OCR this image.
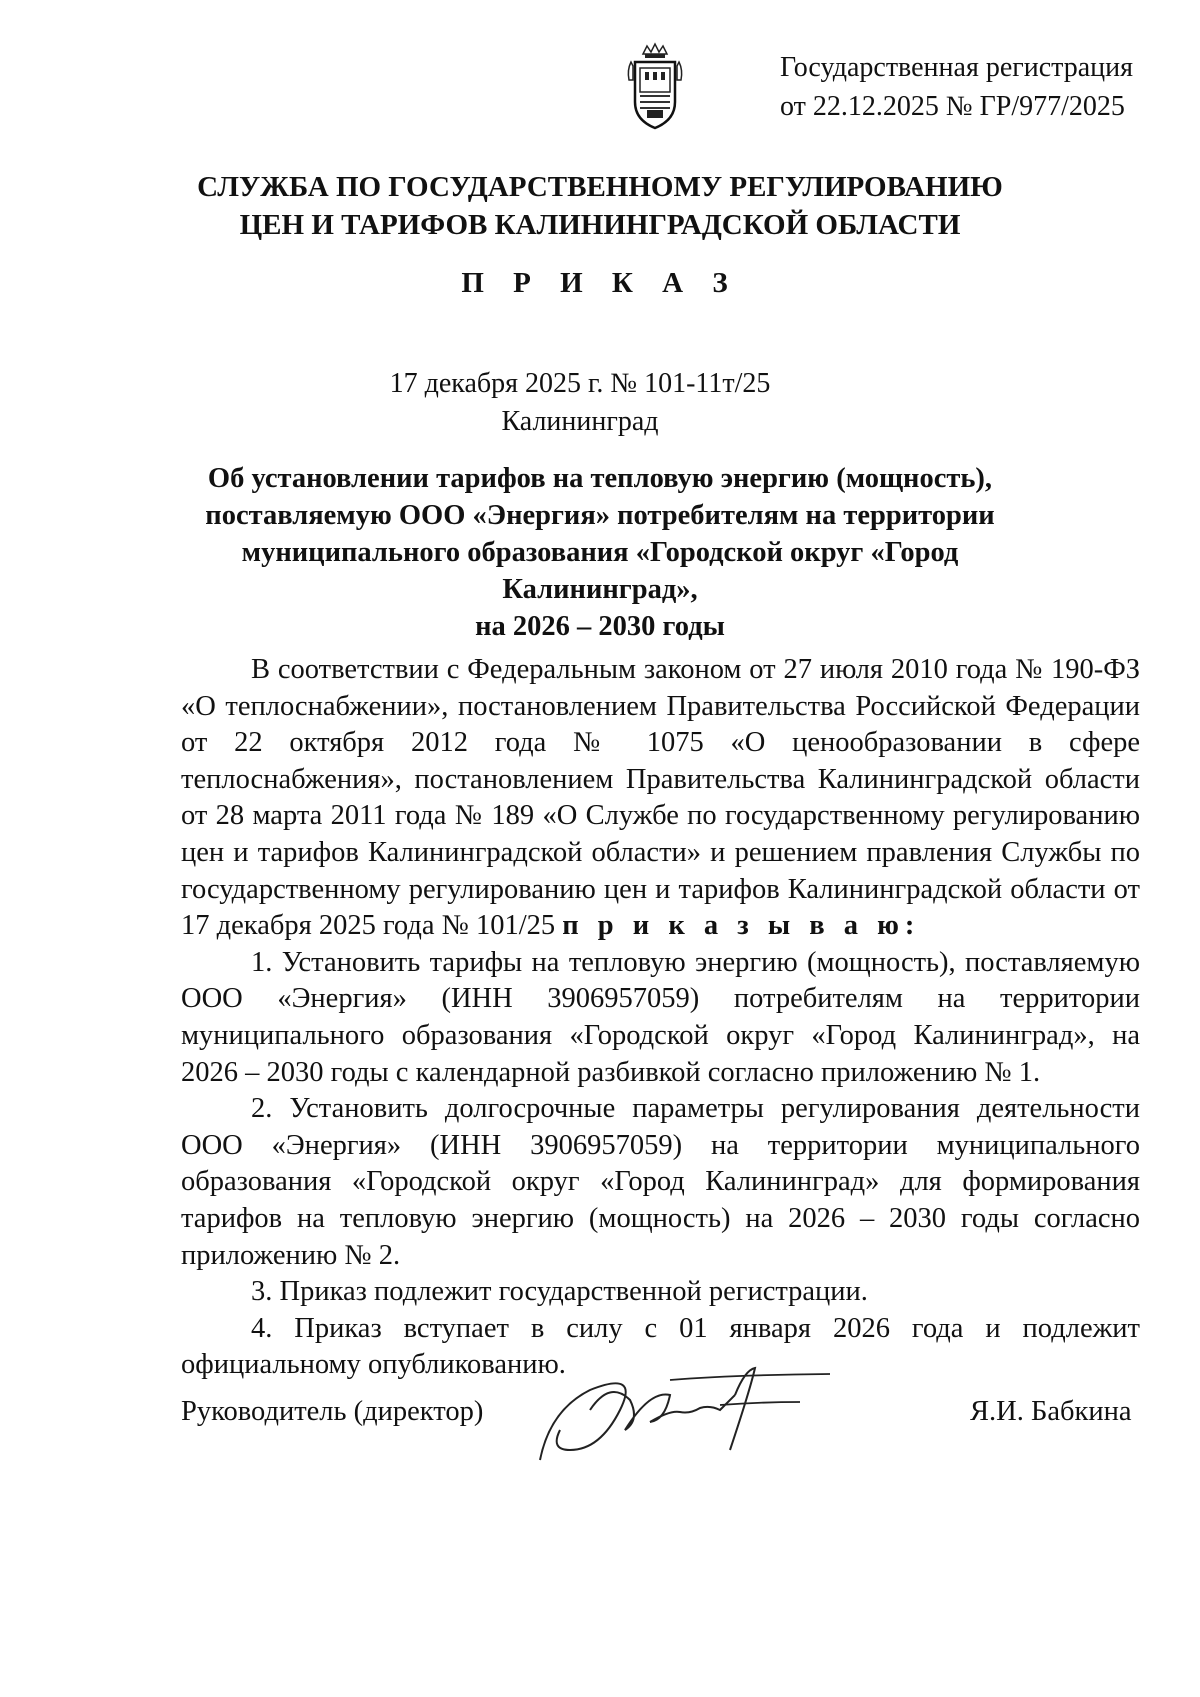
Государственная регистрация
от 22.12.2025 № ГР/977/2025
СЛУЖБА ПО ГОСУДАРСТВЕННОМУ РЕГУЛИРОВАНИЮ
ЦЕН И ТАРИФОВ КАЛИНИНГРАДСКОЙ ОБЛАСТИ
П Р И К А З
17 декабря 2025 г. № 101-11т/25
Калининград
Об установлении тарифов на тепловую энергию (мощность),
поставляемую ООО «Энергия» потребителям на территории
муниципального образования «Городской округ «Город Калининград»,
на 2026 – 2030 годы

В соответствии с Федеральным законом от 27 июля 2010 года № 190-ФЗ «О теплоснабжении», постановлением Правительства Российской Федерации от 22 октября 2012 года № 1075 «О ценообразовании в сфере теплоснабжения», постановлением Правительства Калининградской области от 28 марта 2011 года № 189 «О Службе по государственному регулированию цен и тарифов Калининградской области» и решением правления Службы по государственному регулированию цен и тарифов Калининградской области от 17 декабря 2025 года № 101/25 п р и к а з ы в а ю:

1. Установить тарифы на тепловую энергию (мощность), поставляемую ООО «Энергия» (ИНН 3906957059) потребителям на территории муниципального образования «Городской округ «Город Калининград», на 2026 – 2030 годы с календарной разбивкой согласно приложению № 1.

2. Установить долгосрочные параметры регулирования деятельности ООО «Энергия» (ИНН 3906957059) на территории муниципального образования «Городской округ «Город Калининград» для формирования тарифов на тепловую энергию (мощность) на 2026 – 2030 годы согласно приложению № 2.

3. Приказ подлежит государственной регистрации.

4. Приказ вступает в силу с 01 января 2026 года и подлежит официальному опубликованию.

Руководитель (директор)	Я.И. Бабкина
